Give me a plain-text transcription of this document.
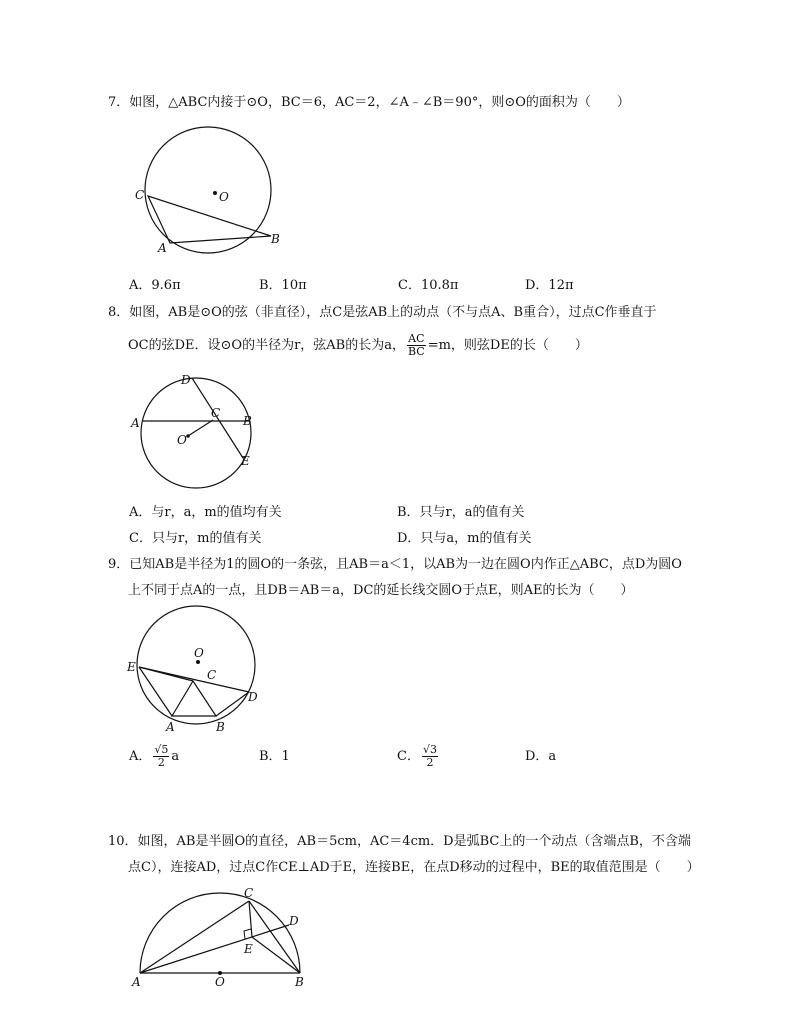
7．如图，△ABC内接于⊙O，BC＝6，AC＝2，∠A﹣∠B＝90°，则⊙O的面积为（　　）
O
C
A
B
A．9.6π	B．10π	C．10.8π	D．12π
8．如图，AB是⊙O的弦（非直径），点C是弦AB上的动点（不与点A、B重合），过点C作垂直于
OC的弦DE．设⊙O的半径为r，弦AB的长为a， $\frac{AC}{BC} =m$，则弦DE的长（　　）
D
A
C
B
O
E
A．与r，a，m的值均有关	B．只与r，a的值有关
C．只与r，m的值有关	D．只与a，m的值有关
9．已知AB是半径为1的圆O的一条弦，且AB＝a＜1，以AB为一边在圆O内作正△ABC，点D为圆O
上不同于点A的一点，且DB＝AB＝a，DC的延长线交圆O于点E，则AE的长为（　　）
O
E
C
D
A	B
A． $\frac{√5}{2}$ a	B．1	C． $\frac{√3}{2}$	D．a
10．如图，AB是半圆O的直径，AB＝5cm，AC＝4cm．D是弧BC上的一个动点（含端点B，不含端
点C），连接AD，过点C作CE⊥AD于E，连接BE，在点D移动的过程中，BE的取值范围是（　　）
C
D
E
A	O	B
